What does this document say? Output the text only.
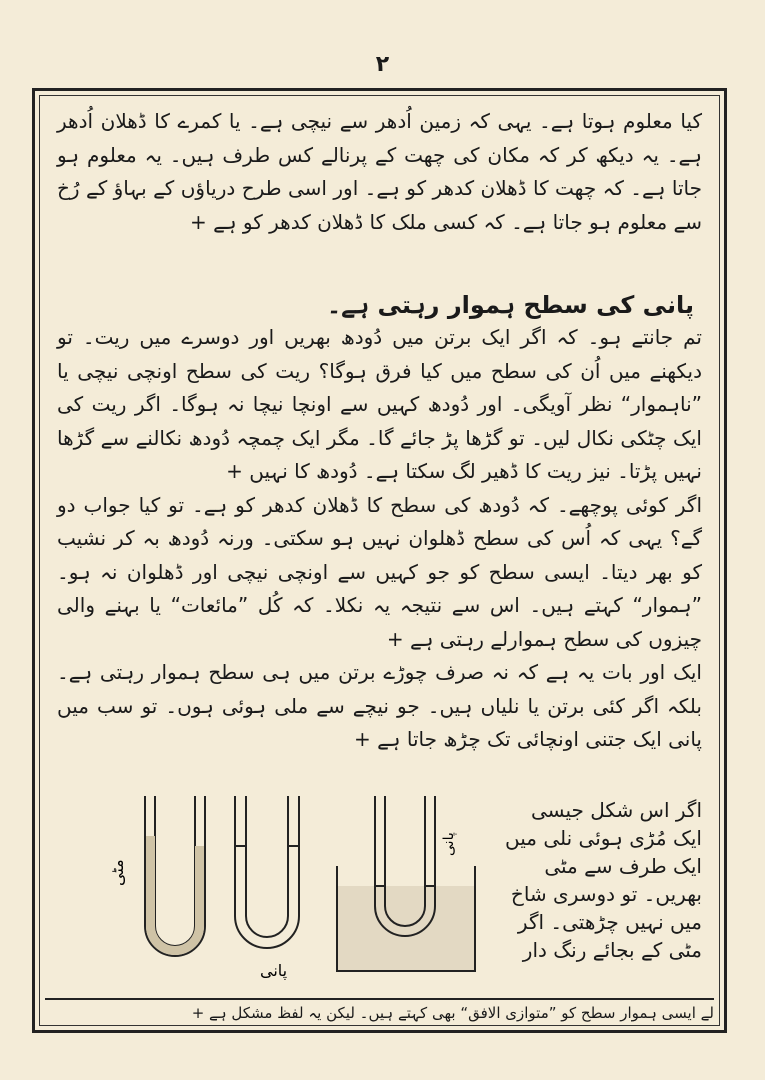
۲

کیا معلوم ہوتا ہے۔ یہی کہ زمین اُدھر سے نیچی ہے۔ یا کمرے کا ڈھلان اُدھر ہے۔ یہ دیکھ کر کہ مکان کی چھت کے پرنالے کس طرف ہیں۔ یہ معلوم ہو جاتا ہے۔ کہ چھت کا ڈھلان کدھر کو ہے۔ اور اسی طرح دریاؤں کے بہاؤ کے رُخ سے معلوم ہو جاتا ہے۔ کہ کسی ملک کا ڈھلان کدھر کو ہے +

پانی کی سطح ہموار رہتی ہے۔

تم جانتے ہو۔ کہ اگر ایک برتن میں دُودھ بھریں اور دوسرے میں ریت۔ تو دیکھنے میں اُن کی سطح میں کیا فرق ہوگا؟ ریت کی سطح اونچی نیچی یا ”ناہموار“ نظر آویگی۔ اور دُودھ کہیں سے اونچا نیچا نہ ہوگا۔ اگر ریت کی ایک چٹکی نکال لیں۔ تو گڑھا پڑ جائے گا۔ مگر ایک چمچہ دُودھ نکالنے سے گڑھا نہیں پڑتا۔ نیز ریت کا ڈھیر لگ سکتا ہے۔ دُودھ کا نہیں +

اگر کوئی پوچھے۔ کہ دُودھ کی سطح کا ڈھلان کدھر کو ہے۔ تو کیا جواب دو گے؟ یہی کہ اُس کی سطح ڈھلوان نہیں ہو سکتی۔ ورنہ دُودھ بہ کر نشیب کو بھر دیتا۔ ایسی سطح کو جو کہیں سے اونچی نیچی اور ڈھلوان نہ ہو۔ ”ہموار“ کہتے ہیں۔ اس سے نتیجہ یہ نکلا۔ کہ کُل ”مائعات“ یا بہنے والی چیزوں کی سطح ہموارلے رہتی ہے +

ایک اور بات یہ ہے کہ نہ صرف چوڑے برتن میں ہی سطح ہموار رہتی ہے۔ بلکہ اگر کئی برتن یا نلیاں ہیں۔ جو نیچے سے ملی ہوئی ہوں۔ تو سب میں پانی ایک جتنی اونچائی تک چڑھ جاتا ہے +

مٹی
پانی
پانی
اگر اس شکل جیسی ایک مُڑی ہوئی نلی میں ایک طرف سے مٹی بھریں۔ تو دوسری شاخ میں نہیں چڑھتی۔ اگر مٹی کے بجائے رنگ دار
لے ایسی ہموار سطح کو ”متوازی الافق“ بھی کہتے ہیں۔ لیکن یہ لفظ مشکل ہے +
